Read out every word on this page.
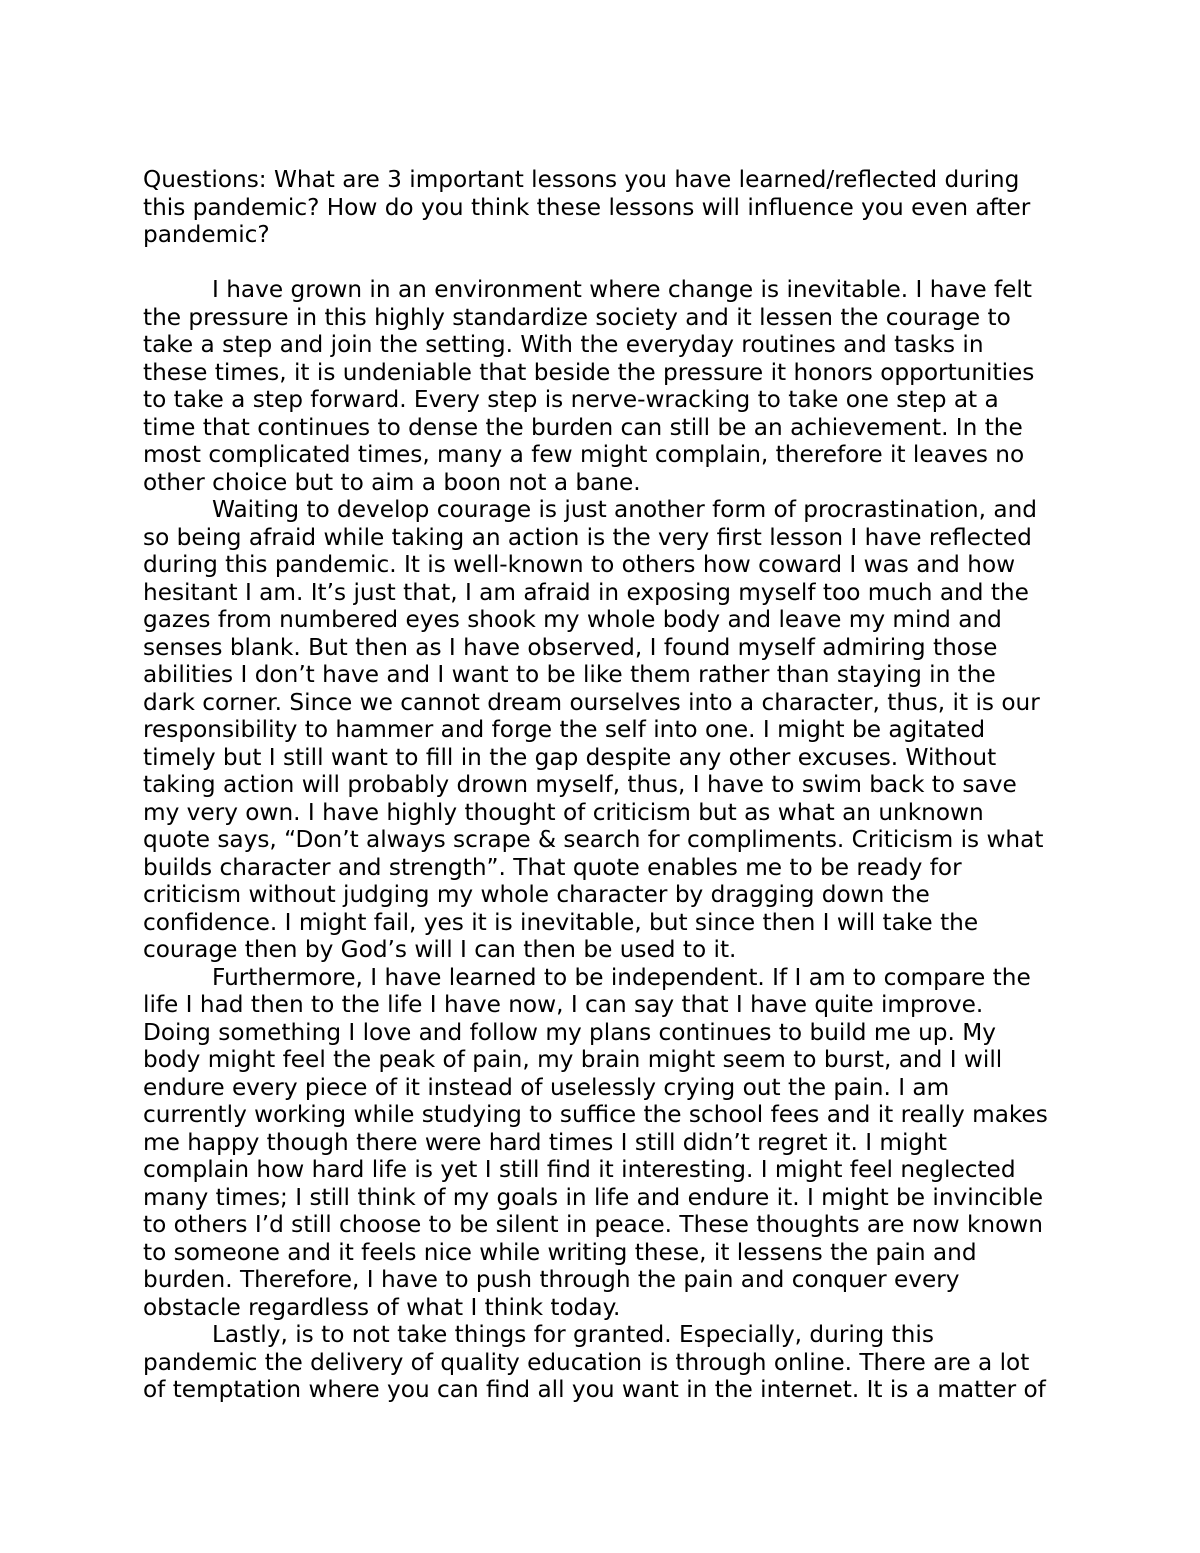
Questions: What are 3 important lessons you have learned/reflected during this pandemic? How do you think these lessons will influence you even after pandemic?

I have grown in an environment where change is inevitable. I have felt the pressure in this highly standardize society and it lessen the courage to take a step and join the setting. With the everyday routines and tasks in these times, it is undeniable that beside the pressure it honors opportunities to take a step forward. Every step is nerve-wracking to take one step at a time that continues to dense the burden can still be an achievement. In the most complicated times, many a few might complain, therefore it leaves no other choice but to aim a boon not a bane.

Waiting to develop courage is just another form of procrastination, and so being afraid while taking an action is the very first lesson I have reflected during this pandemic. It is well-known to others how coward I was and how hesitant I am. It’s just that, I am afraid in exposing myself too much and the gazes from numbered eyes shook my whole body and leave my mind and senses blank. But then as I have observed, I found myself admiring those abilities I don’t have and I want to be like them rather than staying in the dark corner. Since we cannot dream ourselves into a character, thus, it is our responsibility to hammer and forge the self into one. I might be agitated timely but I still want to fill in the gap despite any other excuses. Without taking action will probably drown myself, thus, I have to swim back to save my very own. I have highly thought of criticism but as what an unknown quote says, “Don’t always scrape & search for compliments. Criticism is what builds character and strength”. That quote enables me to be ready for criticism without judging my whole character by dragging down the confidence. I might fail, yes it is inevitable, but since then I will take the courage then by God’s will I can then be used to it.

Furthermore, I have learned to be independent. If I am to compare the life I had then to the life I have now, I can say that I have quite improve. Doing something I love and follow my plans continues to build me up. My body might feel the peak of pain, my brain might seem to burst, and I will endure every piece of it instead of uselessly crying out the pain. I am currently working while studying to suffice the school fees and it really makes me happy though there were hard times I still didn’t regret it. I might complain how hard life is yet I still find it interesting. I might feel neglected many times; I still think of my goals in life and endure it. I might be invincible to others I’d still choose to be silent in peace. These thoughts are now known to someone and it feels nice while writing these, it lessens the pain and burden. Therefore, I have to push through the pain and conquer every obstacle regardless of what I think today.

Lastly, is to not take things for granted. Especially, during this pandemic the delivery of quality education is through online. There are a lot of temptation where you can find all you want in the internet. It is a matter of
